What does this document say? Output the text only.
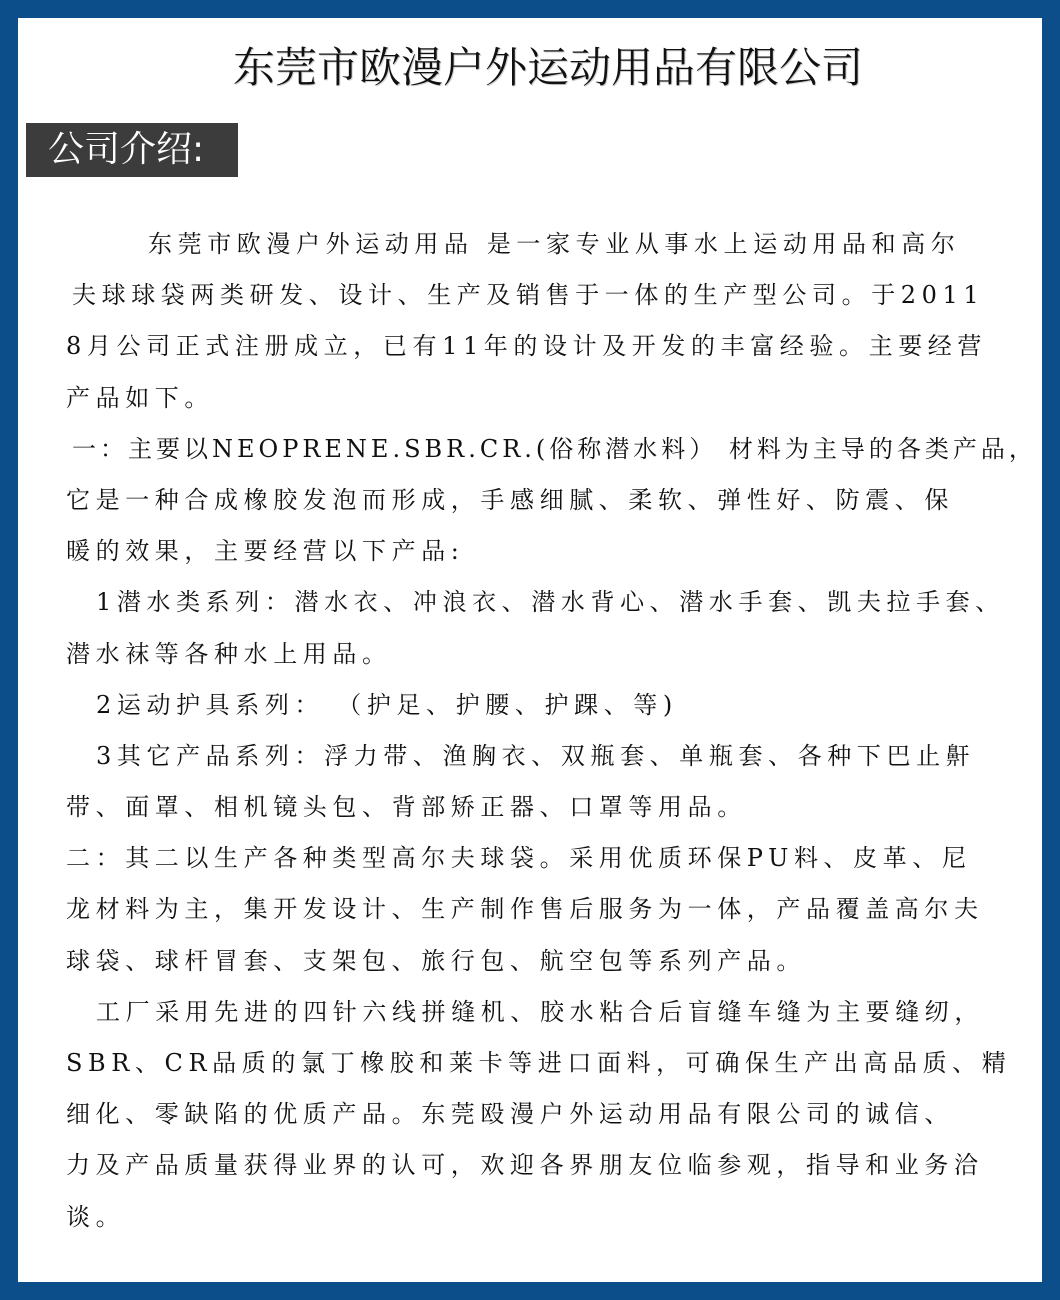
东莞市欧漫户外运动用品有限公司
公司介绍:
东莞市欧漫户外运动用品 是一家专业从事水上运动用品和高尔
夫球球袋两类研发、设计、生产及销售于一体的生产型公司。于2011
8月公司正式注册成立，已有11年的设计及开发的丰富经验。主要经营
产品如下。
一：主要以NEOPRENE.SBR.CR.(俗称潜水料） 材料为主导的各类产品，
它是一种合成橡胶发泡而形成，手感细腻、柔软、弹性好、防震、保
暖的效果，主要经营以下产品:
1潜水类系列：潜水衣、冲浪衣、潜水背心、潜水手套、凯夫拉手套、
潜水袜等各种水上用品。
2运动护具系列： （护足、护腰、护踝、等)
3其它产品系列：浮力带、渔胸衣、双瓶套、单瓶套、各种下巴止鼾
带、面罩、相机镜头包、背部矫正器、口罩等用品。
二：其二以生产各种类型高尔夫球袋。采用优质环保PU料、皮革、尼
龙材料为主，集开发设计、生产制作售后服务为一体，产品覆盖高尔夫
球袋、球杆冒套、支架包、旅行包、航空包等系列产品。
工厂采用先进的四针六线拼缝机、胶水粘合后盲缝车缝为主要缝纫，
SBR、CR品质的氯丁橡胶和莱卡等进口面料，可确保生产出高品质、精
细化、零缺陷的优质产品。东莞殴漫户外运动用品有限公司的诚信、
力及产品质量获得业界的认可，欢迎各界朋友位临参观，指导和业务洽
谈。
